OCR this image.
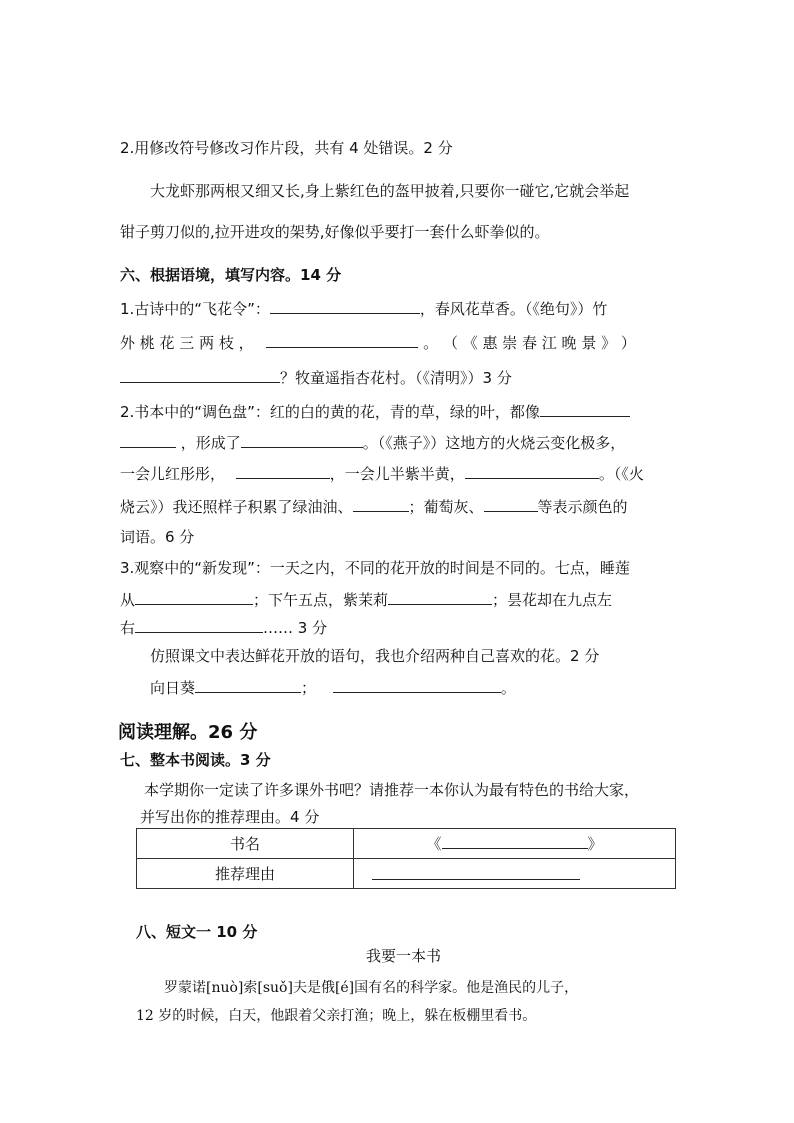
2.用修改符号修改习作片段，共有 4 处错误。2 分
大龙虾那两根又细又长,身上紫红色的盔甲披着,只要你一碰它,它就会举起
钳子剪刀似的,拉开进攻的架势,好像似乎要打一套什么虾拳似的。
六、根据语境，填写内容。14 分
1.古诗中的“飞花令”：	，春风花草香。（《绝句》）竹
外 桃 花 三 两 枝 ，	。 （ 《 惠 崇 春 江 晚 景 》 ）
？牧童遥指杏花村。（《清明》）3 分
2.书本中的“调色盘”：红的白的黄的花，青的草，绿的叶，都像
，形成了	。（《燕子》）这地方的火烧云变化极多，
一会儿红彤彤，	，一会儿半紫半黄，	。（《火
烧云》）我还照样子积累了绿油油、	；葡萄灰、	等表示颜色的
词语。6 分
3.观察中的“新发现”：一天之内，不同的花开放的时间是不同的。七点，睡莲
从	；下午五点，紫茉莉	；昙花却在九点左
右	…… 3 分
仿照课文中表达鲜花开放的语句，我也介绍两种自己喜欢的花。2 分
向日葵	；	。
阅读理解。26 分
七、整本书阅读。3 分
本学期你一定读了许多课外书吧？请推荐一本你认为最有特色的书给大家，
并写出你的推荐理由。4 分
书名	《 》
推荐理由	
八、短文一 10 分
我要一本书
罗蒙诺[nuò]索[suǒ]夫是俄[é]国有名的科学家。他是渔民的儿子，
12 岁的时候，白天，他跟着父亲打渔；晚上，躲在板棚里看书。
